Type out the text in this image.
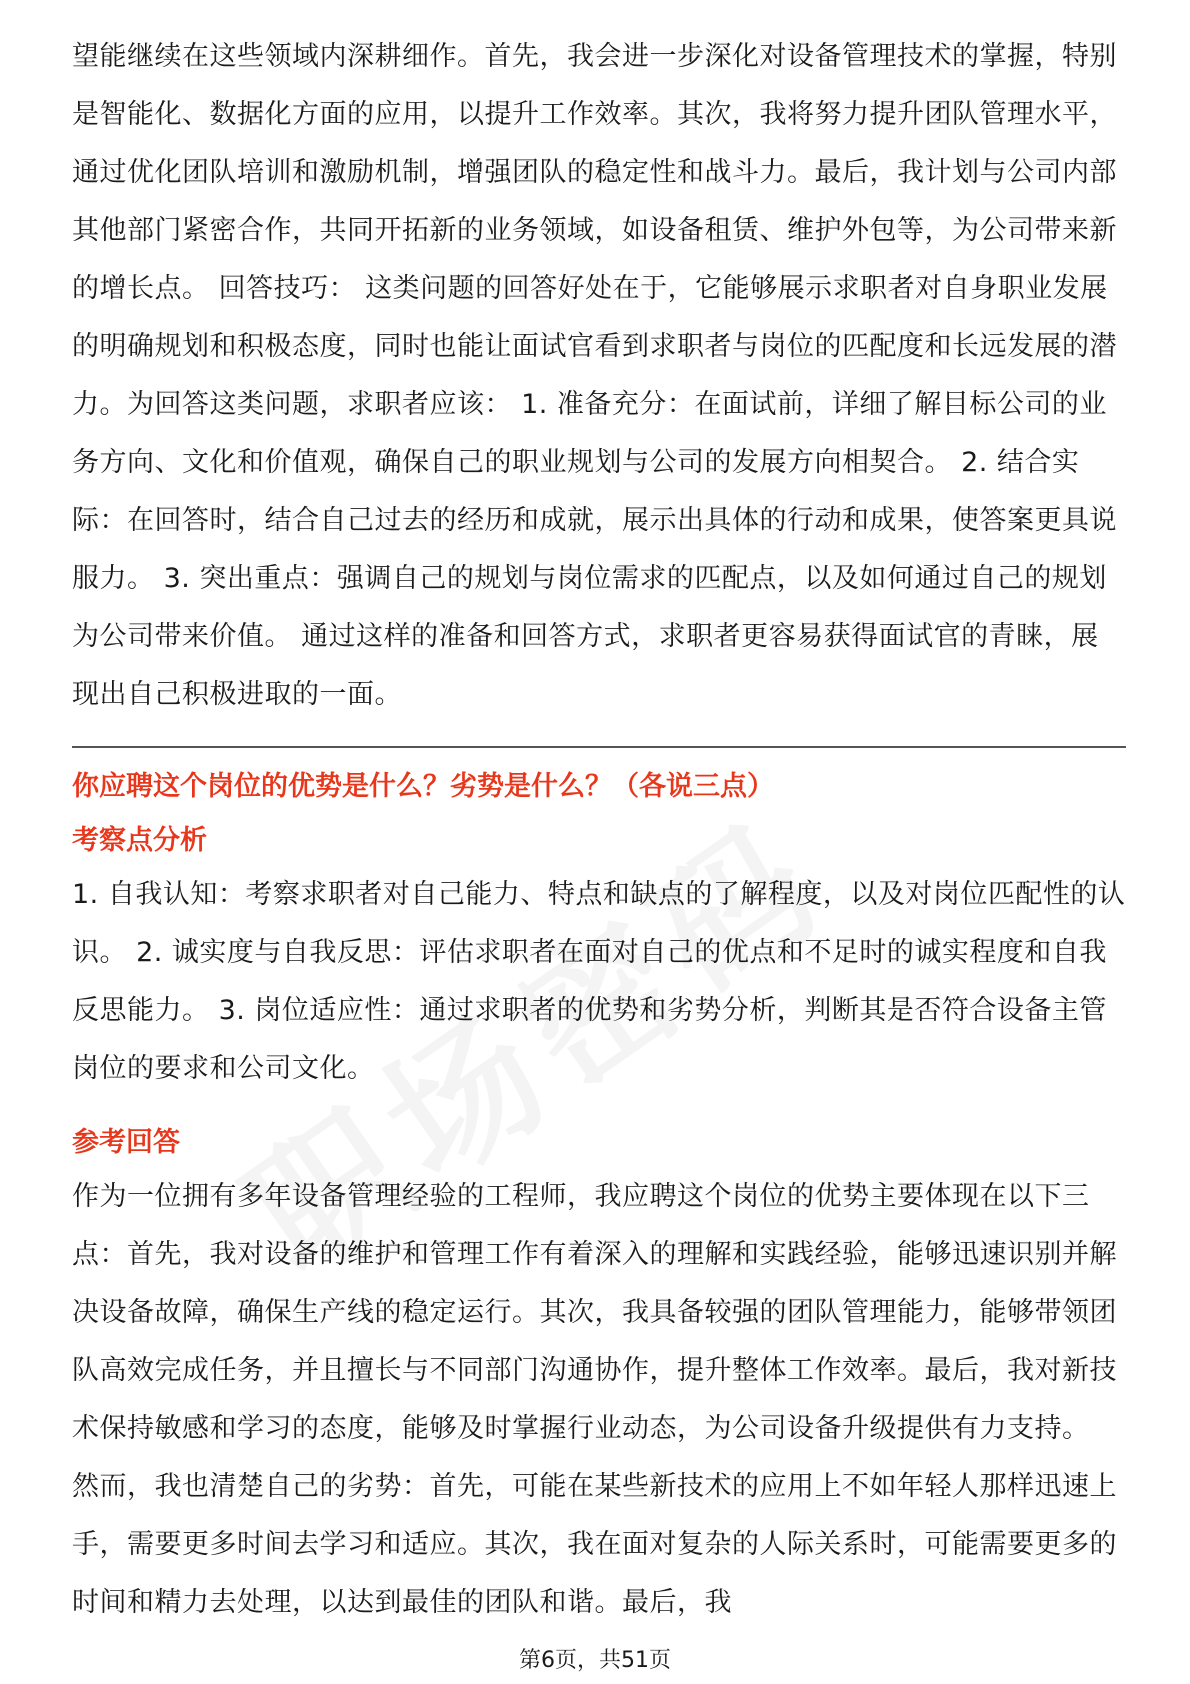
望能继续在这些领域内深耕细作。首先，我会进一步深化对设备管理技术的掌握，特别是智能化、数据化方面的应用，以提升工作效率。其次，我将努力提升团队管理水平，通过优化团队培训和激励机制，增强团队的稳定性和战斗力。最后，我计划与公司内部其他部门紧密合作，共同开拓新的业务领域，如设备租赁、维护外包等，为公司带来新的增长点。 回答技巧： 这类问题的回答好处在于，它能够展示求职者对自身职业发展的明确规划和积极态度，同时也能让面试官看到求职者与岗位的匹配度和长远发展的潜力。为回答这类问题，求职者应该： 1. 准备充分：在面试前，详细了解目标公司的业务方向、文化和价值观，确保自己的职业规划与公司的发展方向相契合。 2. 结合实际：在回答时，结合自己过去的经历和成就，展示出具体的行动和成果，使答案更具说服力。 3. 突出重点：强调自己的规划与岗位需求的匹配点，以及如何通过自己的规划为公司带来价值。 通过这样的准备和回答方式，求职者更容易获得面试官的青睐，展现出自己积极进取的一面。

你应聘这个岗位的优势是什么？劣势是什么？（各说三点）

考察点分析

1. 自我认知：考察求职者对自己能力、特点和缺点的了解程度，以及对岗位匹配性的认识。 2. 诚实度与自我反思：评估求职者在面对自己的优点和不足时的诚实程度和自我反思能力。 3. 岗位适应性：通过求职者的优势和劣势分析，判断其是否符合设备主管岗位的要求和公司文化。

参考回答

作为一位拥有多年设备管理经验的工程师，我应聘这个岗位的优势主要体现在以下三点：首先，我对设备的维护和管理工作有着深入的理解和实践经验，能够迅速识别并解决设备故障，确保生产线的稳定运行。其次，我具备较强的团队管理能力，能够带领团队高效完成任务，并且擅长与不同部门沟通协作，提升整体工作效率。最后，我对新技术保持敏感和学习的态度，能够及时掌握行业动态，为公司设备升级提供有力支持。 然而，我也清楚自己的劣势：首先，可能在某些新技术的应用上不如年轻人那样迅速上手，需要更多时间去学习和适应。其次，我在面对复杂的人际关系时，可能需要更多的时间和精力去处理，以达到最佳的团队和谐。最后，我

第6页，共51页
